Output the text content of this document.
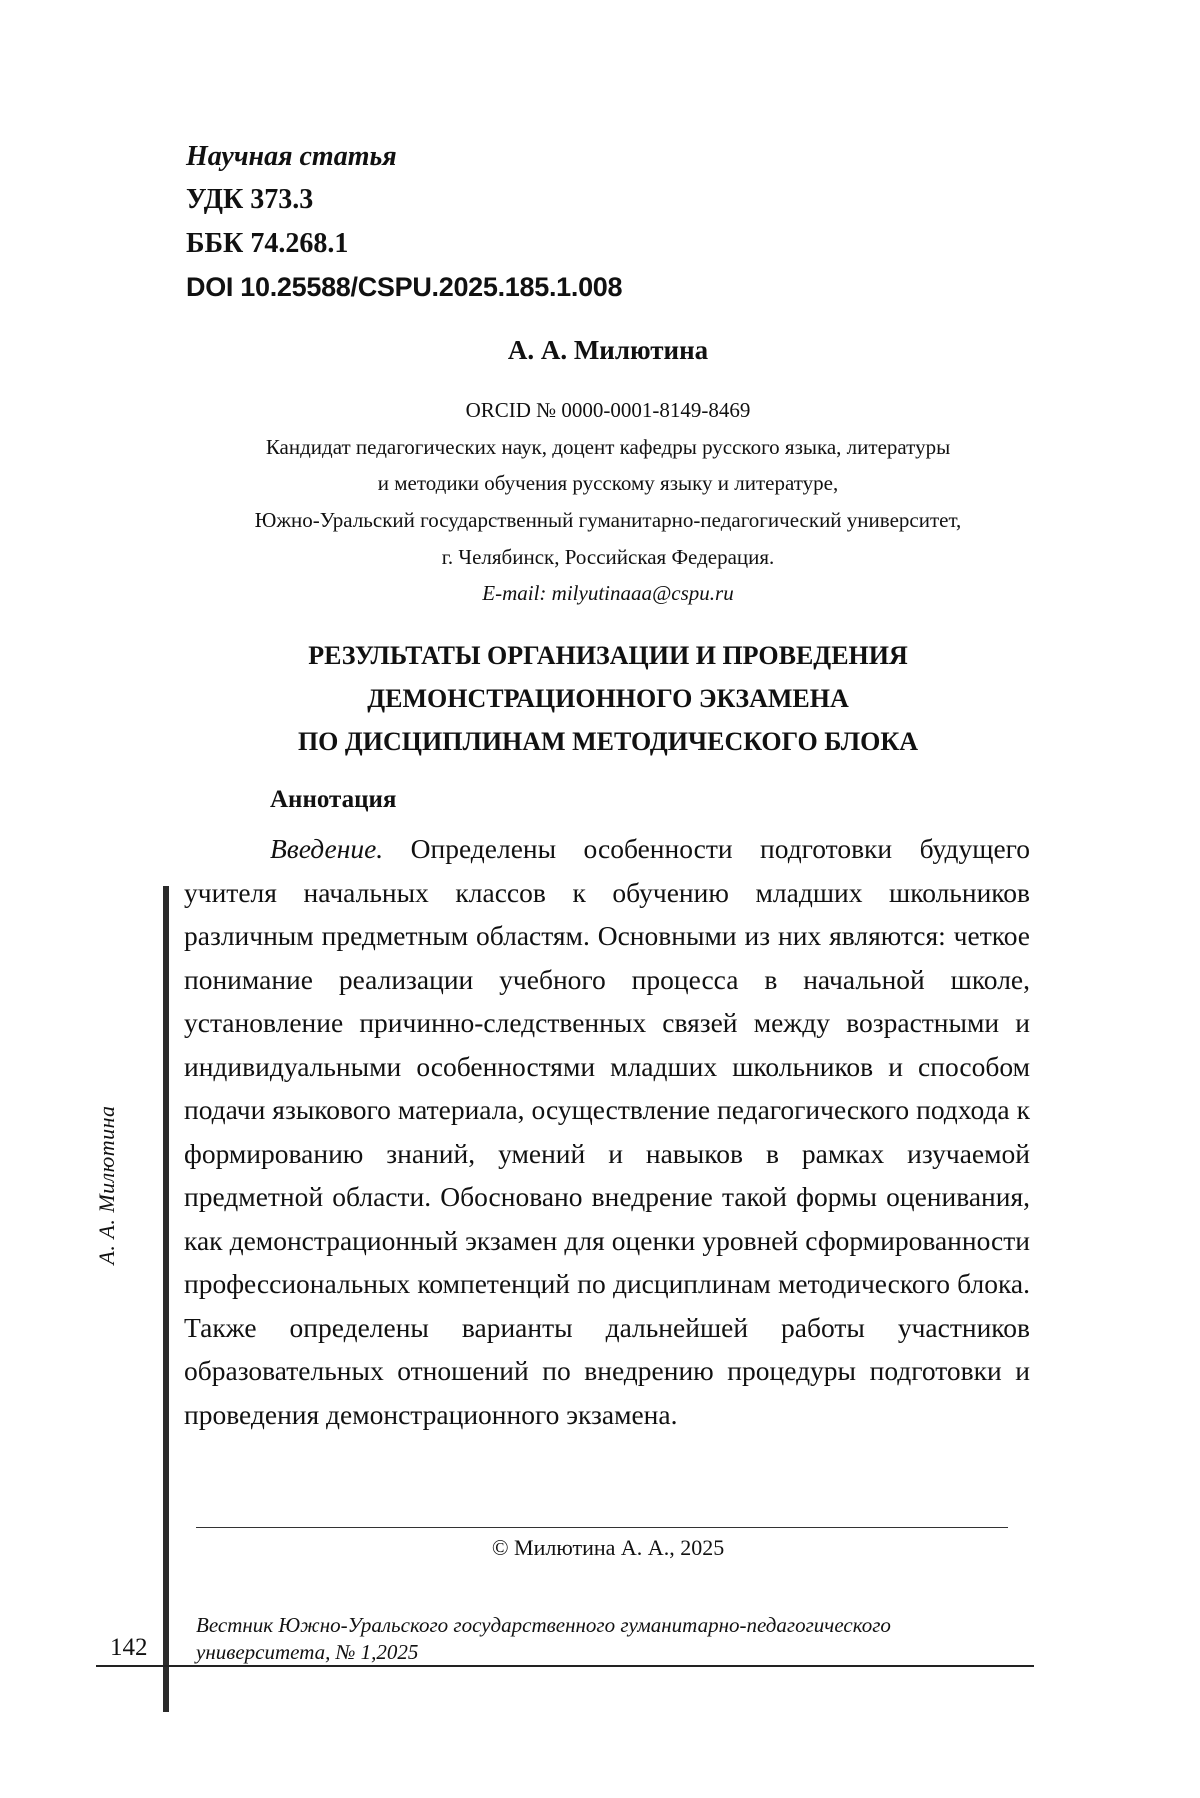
Научная статья
УДК 373.3
ББК 74.268.1
DOI 10.25588/CSPU.2025.185.1.008
А. А. Милютина
ORCID № 0000-0001-8149-8469
Кандидат педагогических наук, доцент кафедры русского языка, литературы
и методики обучения русскому языку и литературе,
Южно-Уральский государственный гуманитарно-педагогический университет,
г. Челябинск, Российская Федерация.
E-mail: milyutinaaa@cspu.ru
РЕЗУЛЬТАТЫ ОРГАНИЗАЦИИ И ПРОВЕДЕНИЯ
ДЕМОНСТРАЦИОННОГО ЭКЗАМЕНА
ПО ДИСЦИПЛИНАМ МЕТОДИЧЕСКОГО БЛОКА
Аннотация
Введение. Определены особенности подготовки будущего учителя начальных классов к обучению младших школьников различным предметным областям. Основными из них являются: четкое понимание реализации учебного процесса в начальной школе, установление причинно-следственных связей между воз­растными и индивидуальными особенностями младших школь­ников и способом подачи языкового материала, осуществление педагогического подхода к формированию знаний, умений и навыков в рамках изучаемой предметной области. Обосновано внедрение такой формы оценивания, как демонстрационный эк­замен для оценки уровней сформированности профессиональных компетенций по дисциплинам методического блока. Также опре­делены варианты дальнейшей работы участников образователь­ных отношений по внедрению процедуры подготовки и проведе­ния демонстрационного экзамена.
А. А. Милютина
© Милютина А. А., 2025
Вестник Южно-Уральского государственного гуманитарно-педагогического
университета, № 1,2025
142
